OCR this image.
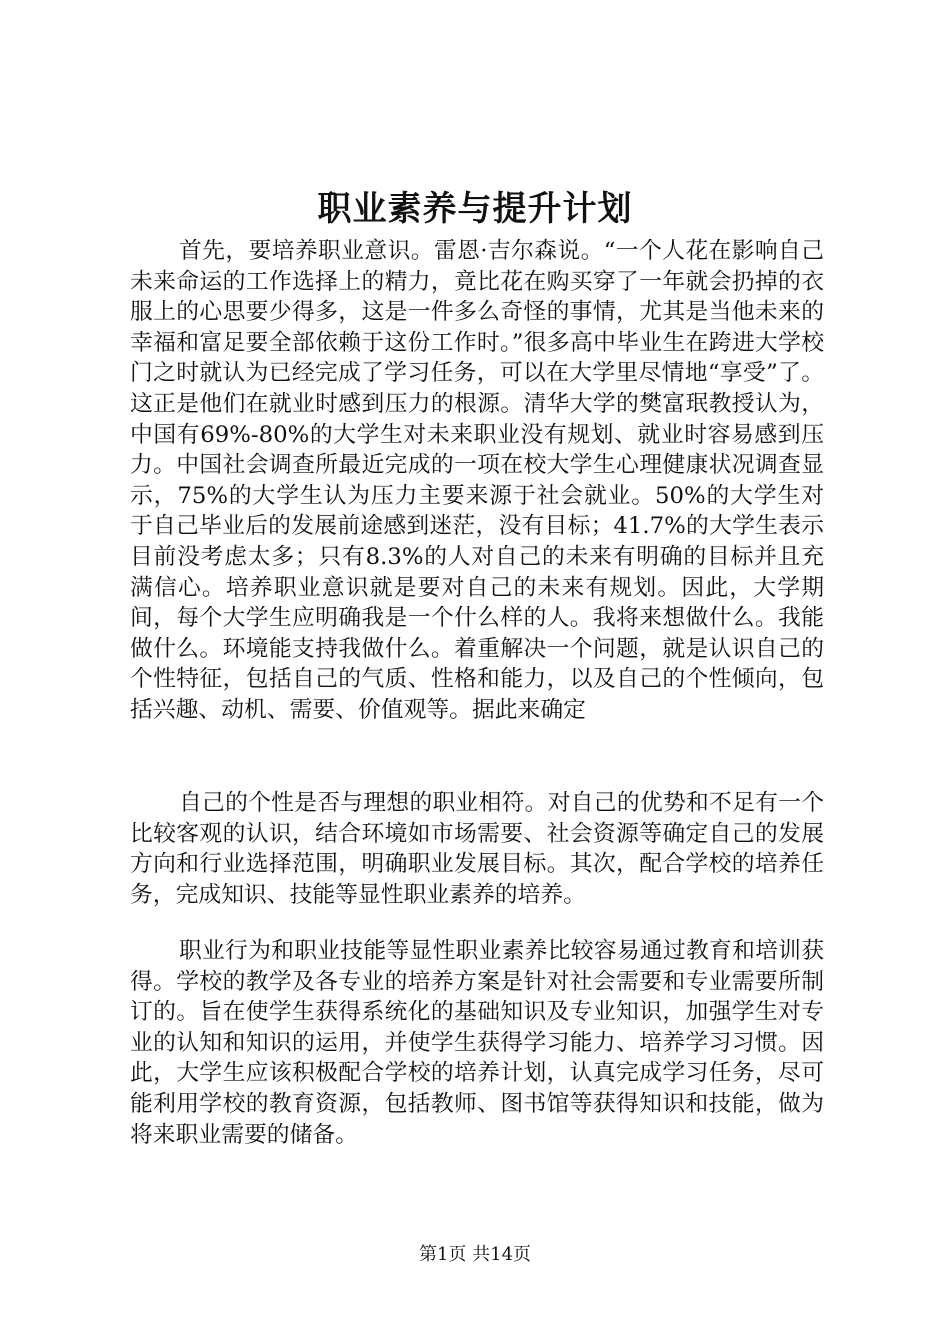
职业素养与提升计划

首先，要培养职业意识。雷恩·吉尔森说。“一个人花在影响自己未来命运的工作选择上的精力，竟比花在购买穿了一年就会扔掉的衣服上的心思要少得多，这是一件多么奇怪的事情，尤其是当他未来的幸福和富足要全部依赖于这份工作时。”很多高中毕业生在跨进大学校门之时就认为已经完成了学习任务，可以在大学里尽情地“享受”了。这正是他们在就业时感到压力的根源。清华大学的樊富珉教授认为，中国有69%-80%的大学生对未来职业没有规划、就业时容易感到压力。中国社会调查所最近完成的一项在校大学生心理健康状况调查显示，75%的大学生认为压力主要来源于社会就业。50%的大学生对于自己毕业后的发展前途感到迷茫，没有目标；41.7%的大学生表示目前没考虑太多；只有8.3%的人对自己的未来有明确的目标并且充满信心。培养职业意识就是要对自己的未来有规划。因此，大学期间，每个大学生应明确我是一个什么样的人。我将来想做什么。我能做什么。环境能支持我做什么。着重解决一个问题，就是认识自己的个性特征，包括自己的气质、性格和能力，以及自己的个性倾向，包括兴趣、动机、需要、价值观等。据此来确定

自己的个性是否与理想的职业相符。对自己的优势和不足有一个比较客观的认识，结合环境如市场需要、社会资源等确定自己的发展方向和行业选择范围，明确职业发展目标。其次，配合学校的培养任务，完成知识、技能等显性职业素养的培养。

职业行为和职业技能等显性职业素养比较容易通过教育和培训获得。学校的教学及各专业的培养方案是针对社会需要和专业需要所制订的。旨在使学生获得系统化的基础知识及专业知识，加强学生对专业的认知和知识的运用，并使学生获得学习能力、培养学习习惯。因此，大学生应该积极配合学校的培养计划，认真完成学习任务，尽可能利用学校的教育资源，包括教师、图书馆等获得知识和技能，做为将来职业需要的储备。

第1页 共14页
